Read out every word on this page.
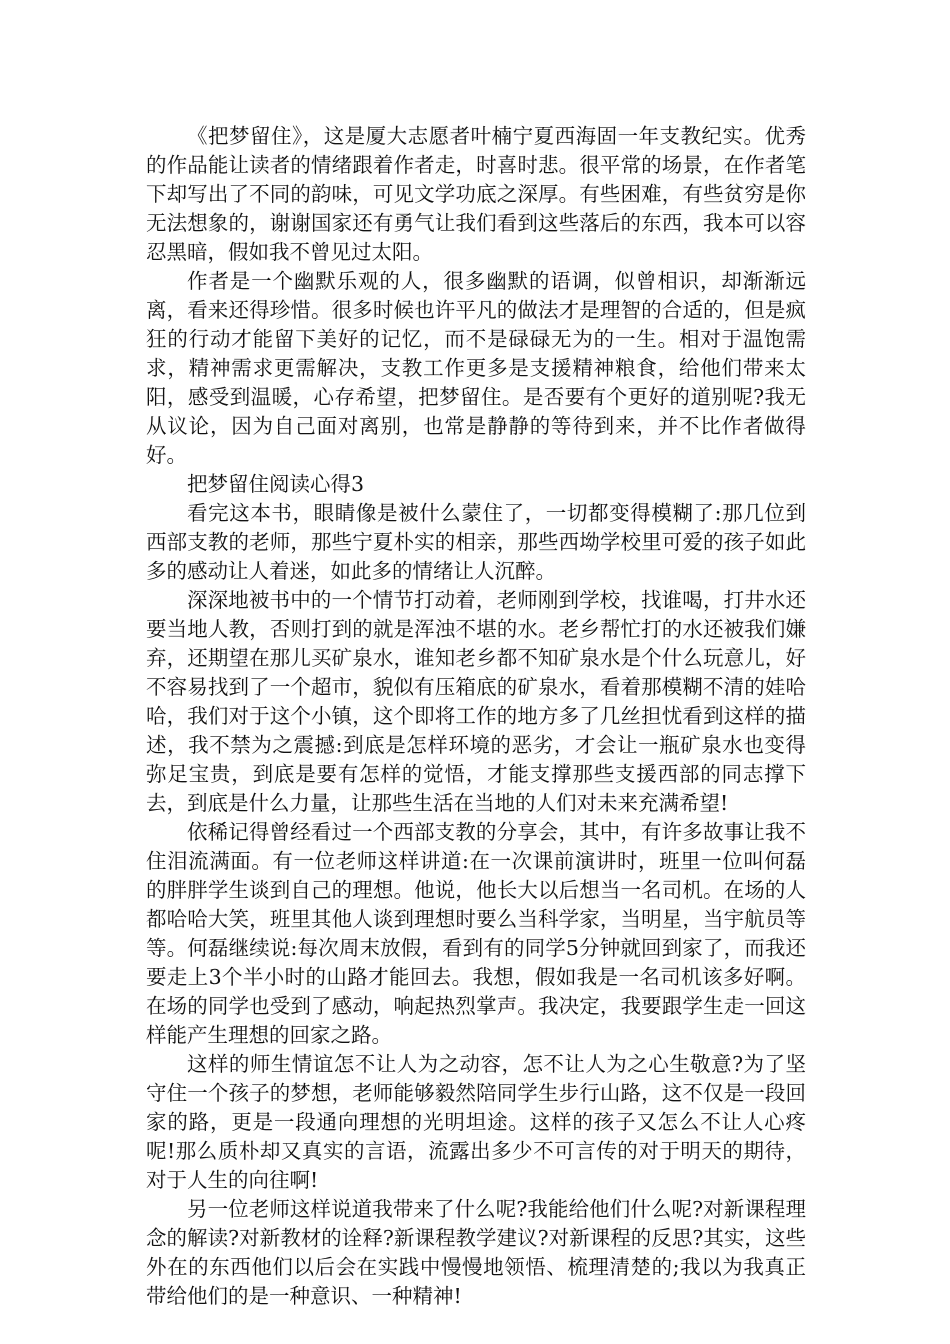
《把梦留住》，这是厦大志愿者叶楠宁夏西海固一年支教纪实。优秀的作品能让读者的情绪跟着作者走，时喜时悲。很平常的场景，在作者笔下却写出了不同的韵味，可见文学功底之深厚。有些困难，有些贫穷是你无法想象的，谢谢国家还有勇气让我们看到这些落后的东西，我本可以容忍黑暗，假如我不曾见过太阳。

作者是一个幽默乐观的人，很多幽默的语调，似曾相识，却渐渐远离，看来还得珍惜。很多时候也许平凡的做法才是理智的合适的，但是疯狂的行动才能留下美好的记忆，而不是碌碌无为的一生。相对于温饱需求，精神需求更需解决，支教工作更多是支援精神粮食，给他们带来太阳，感受到温暖，心存希望，把梦留住。是否要有个更好的道别呢?我无从议论，因为自己面对离别，也常是静静的等待到来，并不比作者做得好。

把梦留住阅读心得3

看完这本书，眼睛像是被什么蒙住了，一切都变得模糊了:那几位到西部支教的老师，那些宁夏朴实的相亲，那些西坳学校里可爱的孩子如此多的感动让人着迷，如此多的情绪让人沉醉。

深深地被书中的一个情节打动着，老师刚到学校，找谁喝，打井水还要当地人教，否则打到的就是浑浊不堪的水。老乡帮忙打的水还被我们嫌弃，还期望在那儿买矿泉水，谁知老乡都不知矿泉水是个什么玩意儿，好不容易找到了一个超市，貌似有压箱底的矿泉水，看着那模糊不清的娃哈哈，我们对于这个小镇，这个即将工作的地方多了几丝担忧看到这样的描述，我不禁为之震撼:到底是怎样环境的恶劣，才会让一瓶矿泉水也变得弥足宝贵，到底是要有怎样的觉悟，才能支撑那些支援西部的同志撑下去，到底是什么力量，让那些生活在当地的人们对未来充满希望!

依稀记得曾经看过一个西部支教的分享会，其中，有许多故事让我不住泪流满面。有一位老师这样讲道:在一次课前演讲时，班里一位叫何磊的胖胖学生谈到自己的理想。他说，他长大以后想当一名司机。在场的人都哈哈大笑，班里其他人谈到理想时要么当科学家，当明星，当宇航员等等。何磊继续说:每次周末放假，看到有的同学5分钟就回到家了，而我还要走上3个半小时的山路才能回去。我想，假如我是一名司机该多好啊。在场的同学也受到了感动，响起热烈掌声。我决定，我要跟学生走一回这样能产生理想的回家之路。

这样的师生情谊怎不让人为之动容，怎不让人为之心生敬意?为了坚守住一个孩子的梦想，老师能够毅然陪同学生步行山路，这不仅是一段回家的路，更是一段通向理想的光明坦途。这样的孩子又怎么不让人心疼呢!那么质朴却又真实的言语，流露出多少不可言传的对于明天的期待，对于人生的向往啊!

另一位老师这样说道我带来了什么呢?我能给他们什么呢?对新课程理念的解读?对新教材的诠释?新课程教学建议?对新课程的反思?其实，这些外在的东西他们以后会在实践中慢慢地领悟、梳理清楚的;我以为我真正带给他们的是一种意识、一种精神!
